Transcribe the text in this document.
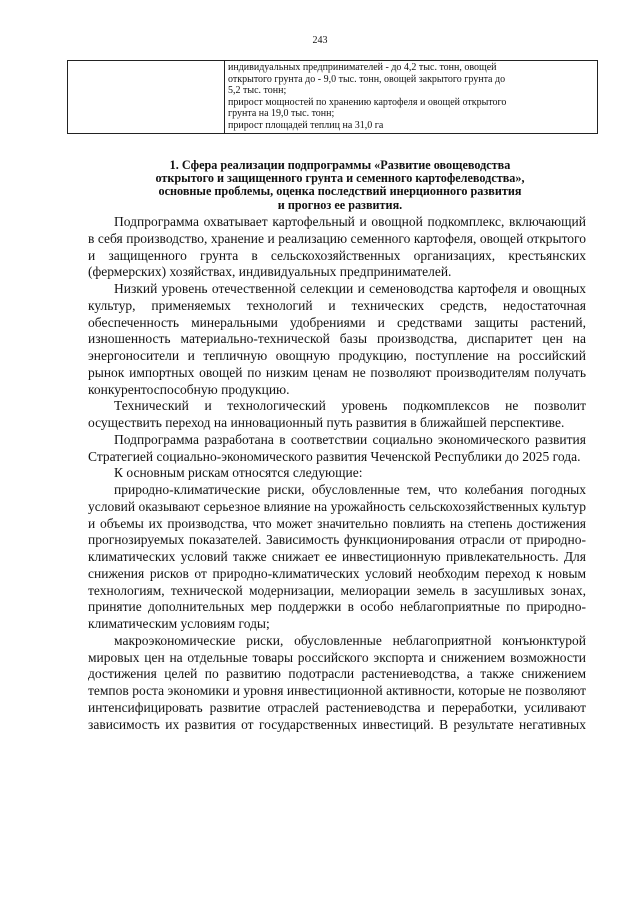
243

индивидуальных предпринимателей - до 4,2 тыс. тонн, овощей
открытого грунта до - 9,0 тыс. тонн, овощей закрытого грунта до
5,2 тыс. тонн;
прирост мощностей по хранению картофеля и овощей открытого
грунта на 19,0 тыс. тонн;
прирост площадей теплиц на 31,0 га
1. Сфера реализации подпрограммы «Развитие овощеводства
открытого и защищенного грунта и семенного картофелеводства»,
основные проблемы, оценка последствий инерционного развития
и прогноз ее развития.

Подпрограмма охватывает картофельный и овощной подкомплекс, включающий в себя производство, хранение и реализацию семенного картофеля, овощей открытого и защищенного грунта в сельскохозяйственных организациях, крестьянских (фермерских) хозяйствах, индивидуальных предпринимателей.

Низкий уровень отечественной селекции и семеноводства картофеля и овощных культур, применяемых технологий и технических средств, недостаточная обеспеченность минеральными удобрениями и средствами защиты растений, изношенность материально-технической базы производства, диспаритет цен на энергоносители и тепличную овощную продукцию, поступление на российский рынок импортных овощей по низким ценам не позволяют производителям получать конкурентоспособную продукцию.

Технический и технологический уровень подкомплексов не позволит осуществить переход на инновационный путь развития в ближайшей перспективе.

Подпрограмма разработана в соответствии социально экономического развития Стратегией социально-экономического развития Чеченской Республики до 2025 года.

К основным рискам относятся следующие:

природно-климатические риски, обусловленные тем, что колебания погодных условий оказывают серьезное влияние на урожайность сельскохозяйственных культур и объемы их производства, что может значительно повлиять на степень достижения прогнозируемых показателей. Зависимость функционирования отрасли от природно-климатических условий также снижает ее инвестиционную привлекательность. Для снижения рисков от природно-климатических условий необходим переход к новым технологиям, технической модернизации, мелиорации земель в засушливых зонах, принятие дополнительных мер поддержки в особо неблагоприятные по природно-климатическим условиям годы;

макроэкономические риски, обусловленные неблагоприятной конъюнктурой мировых цен на отдельные товары российского экспорта и снижением возможности достижения целей по развитию подотрасли растениеводства, а также снижением темпов роста экономики и уровня инвестиционной активности, которые не позволяют интенсифицировать развитие отраслей растениеводства и переработки, усиливают зависимость их развития от государственных инвестиций. В результате негативных
